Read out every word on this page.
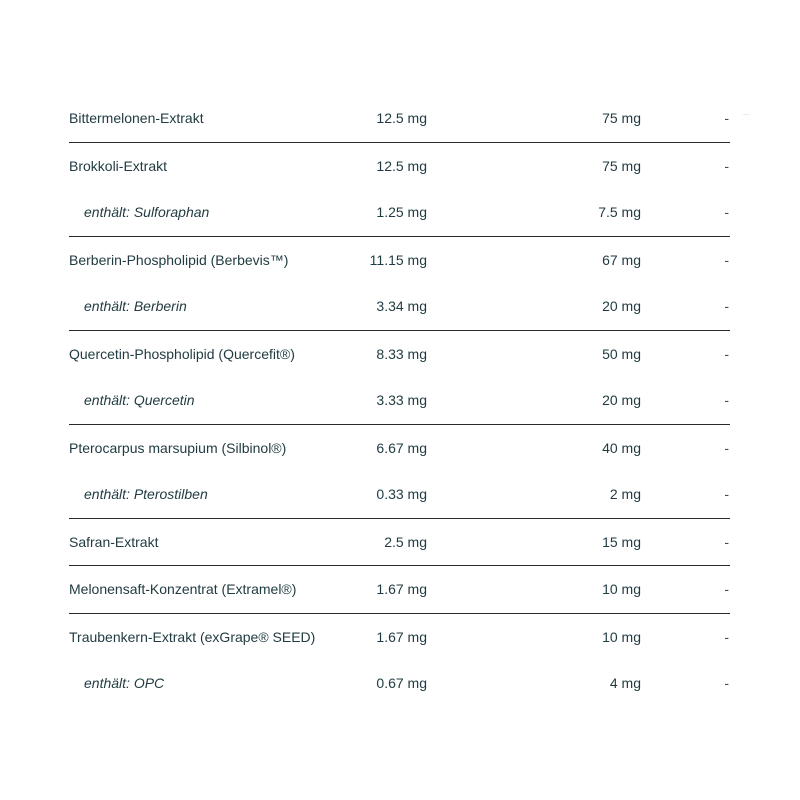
Bittermelonen-Extrakt	12.5 mg	75 mg	-
Brokkoli-Extrakt	12.5 mg	75 mg	-
enthält: Sulforaphan	1.25 mg	7.5 mg	-
Berberin-Phospholipid (Berbevis™)	11.15 mg	67 mg	-
enthält: Berberin	3.34 mg	20 mg	-
Quercetin-Phospholipid (Quercefit®)	8.33 mg	50 mg	-
enthält: Quercetin	3.33 mg	20 mg	-
Pterocarpus marsupium (Silbinol®)	6.67 mg	40 mg	-
enthält: Pterostilben	0.33 mg	2 mg	-
Safran-Extrakt	2.5 mg	15 mg	-
Melonensaft-Konzentrat (Extramel®)	1.67 mg	10 mg	-
Traubenkern-Extrakt (exGrape® SEED)	1.67 mg	10 mg	-
enthält: OPC	0.67 mg	4 mg	-
